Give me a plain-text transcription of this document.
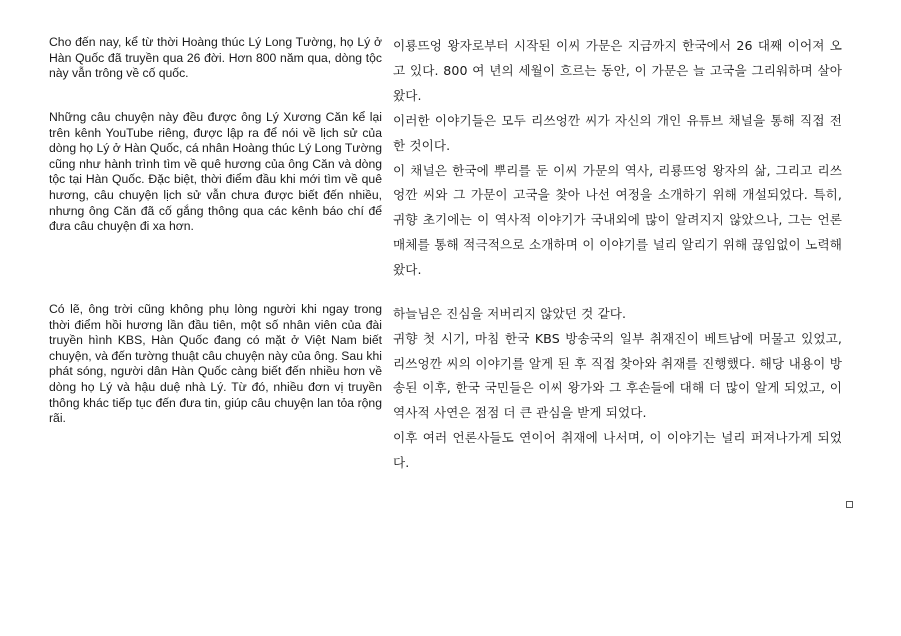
Cho đến nay, kể từ thời Hoàng thúc Lý Long Tường, họ Lý ở Hàn Quốc đã truyền qua 26 đời. Hơn 800 năm qua, dòng tộc này vẫn trông về cố quốc.

Những câu chuyện này đều được ông Lý Xương Căn kể lại trên kênh YouTube riêng, được lập ra để nói về lịch sử của dòng họ Lý ở Hàn Quốc, cá nhân Hoàng thúc Lý Long Tường cũng như hành trình tìm về quê hương của ông Căn và dòng tộc tại Hàn Quốc. Đặc biệt, thời điểm đầu khi mới tìm về quê hương, câu chuyện lịch sử vẫn chưa được biết đến nhiều, nhưng ông Căn đã cố gắng thông qua các kênh báo chí để đưa câu chuyện đi xa hơn.

Có lẽ, ông trời cũng không phụ lòng người khi ngay trong thời điểm hồi hương lần đầu tiên, một số nhân viên của đài truyền hình KBS, Hàn Quốc đang có mặt ở Việt Nam biết chuyện, và đến tường thuật câu chuyện này của ông. Sau khi phát sóng, người dân Hàn Quốc càng biết đến nhiều hơn về dòng họ Lý và hậu duệ nhà Lý. Từ đó, nhiều đơn vị truyền thông khác tiếp tục đến đưa tin, giúp câu chuyện lan tỏa rộng rãi.

이룡뜨엉 왕자로부터 시작된 이씨 가문은 지금까지 한국에서 26 대째 이어져 오고 있다. 800 여 년의 세월이 흐르는 동안, 이 가문은 늘 고국을 그리워하며 살아왔다.

이러한 이야기들은 모두 리쓰엉깐 씨가 자신의 개인 유튜브 채널을 통해 직접 전한 것이다.

이 채널은 한국에 뿌리를 둔 이씨 가문의 역사, 리룡뜨엉 왕자의 삶, 그리고 리쓰엉깐 씨와 그 가문이 고국을 찾아 나선 여정을 소개하기 위해 개설되었다. 특히, 귀향 초기에는 이 역사적 이야기가 국내외에 많이 알려지지 않았으나, 그는 언론 매체를 통해 적극적으로 소개하며 이 이야기를 널리 알리기 위해 끊임없이 노력해 왔다.

하늘님은 진심을 저버리지 않았던 것 같다.

귀향 첫 시기, 마침 한국 KBS 방송국의 일부 취재진이 베트남에 머물고 있었고, 리쓰엉깐 씨의 이야기를 알게 된 후 직접 찾아와 취재를 진행했다. 해당 내용이 방송된 이후, 한국 국민들은 이씨 왕가와 그 후손들에 대해 더 많이 알게 되었고, 이 역사적 사연은 점점 더 큰 관심을 받게 되었다.

이후 여러 언론사들도 연이어 취재에 나서며, 이 이야기는 널리 퍼져나가게 되었다.
